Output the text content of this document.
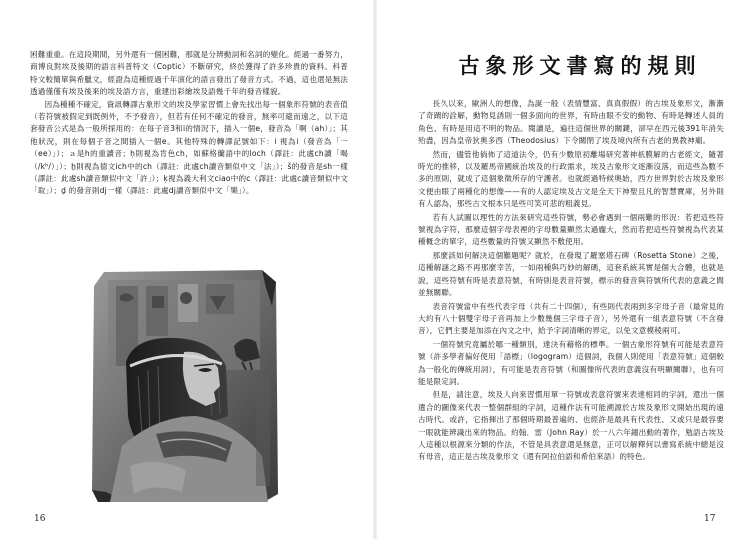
困難重重。在這段期間，另外還有一個困難，那就是分辨動詞和名詞的變化。經過一番努力，商博良對埃及後期的語言科普特文（Coptic）不斷研究，終於獲得了許多珍貴的資料。科普特文較簡單與希臘文，經證為這種經過千年演化的語言發出了發音方式。不過，這也還是無法透過僅僅有埃及後來的埃及語方言，重建出彩繪埃及語幾千年的發音樣貌。

因為種種不確定，資訊轉譯古象形文的埃及學家習慣上會先找出每一個象形符號的表音值（若符號被假定到既例外，不予發音），但若有任何不確定的發音，無率可避而遠之，以下這套發音公式是為一般所採用的：在每子音3和i的情況下，插入一個e，發音為「啊（ah）」；其他狀況，則在每個子音之間插入一個e。其他特殊的轉譯記號如下：i 視為i（發音為「一（ee）」）；ａ是h的重讀音；ḥ則視為肯色ch，如蘇格蘭語中的loch（譯註：此處ch讀「喝（/kʰ/）」）；ẖ則視為德文ich中的ch（譯註：此處ch讀音類似中文「法」）；š的發音是sh一樣（譯註：此處sh讀音類似中文「許」）；ḳ視為義大利文ciao中的c（譯註：此處c讀音類似中文「取」）；ḏ 的發音則dj一樣（譯註：此處dj讀音類似中文「樂」）。

16
古象形文書寫的規則

長久以來，歐洲人的想像，為誕一般（表情豐富、真真假假）的古埃及象形文，漸漸了奇蹟的詮解，動物見誘則一個多面向的世界，有時由眼不安的動物、有時是轉述人員的角色、有時是用這不明的物品。閱讀是，遍往這個世界的關鍵，卻早在西元後391年消失殆盡，因為皇帝狄奧多西（Theodosius）下令關閉了埃及境內所有古老的異教神廟。

然而，儘管他倘佈了這道法令，仍有少數原初離場研究著神祇膜解的古老經文，隨著時光的推移，以及羅馬帝國統治埃及的行政需求，埃及古象形文逐漸沒落，而這些為數不多的原則，就成了這個象徵所存的守護者。也就經過特候奧始，西方世界對於古埃及象形文便由眼了兩種化的想像——有的人認定埃及古文是全天下神聖且凡的智慧寶庫，另外則有人認為，那些古文根本只是些可笑可悲的粗義見。

若有人試圖以理性的方法來研究這些符號，勢必會遇到一個兩難的形況：若把這些符號視為字符，那麼這個字母表裡的字母數量顯然太過龐大，然而若把這些符號視為代表某種概念的單字，這些數量的符號又顯然不敷使用。

那麼該如何解決這個難題呢？就於，在發現了羅塞塔石碑（Rosetta Stone）之後，這種解謎之路不再那麼幸苦，一如兩種與巧妙的解碼，這套系統其實是個大合體，也就是說，這些符號有時是表意符號，有時則是表音符號，標示的發音與符號所代表的意義之間並無關聯。

表音符號當中有些代表字母（共有二十四個），有些則代表兩到多字母子音（最常見的大約有八十個雙字母子音再加上少數幾個三字母子音），另外還有一組表意符號（不含發音），它們主要是加添在內文之中，給予字詞清晰的界定，以免文意模稜兩可。

一個符號究竟屬於哪一種類別，達決有藉格的標準。一個古象形符號有可能是表意符號（許多學者偏好使用「語標」（logogram）這個詞，我個人則使用「表意符號」這個較為一般化的傳統用詞），有可能是表音符號（和圖像所代表的意義沒有明顯關聯），也有可能是限定詞。

但是，請注意，埃及人向來習慣用單一符號或表意符號來表達相同的字詞，還出一個遺合的圖像來代表一整個群組的字詞，這種作法有可能溯源於古埃及象形文開始出現的遠古時代。或許，它指揮出了那個時期最普遍的、也經許是最具有代表性、又或只是最容要一眼就能辨識出來的物品。約翰．雷（John Ray）於一八六年鐘出動的著作，勉語古埃及人這種以根源來分類的作法，不管是具表意還是無意，正可以解釋何以書寫系統中總是沒有母音，這正是古埃及象形文（還有阿拉伯語和希伯來語）的特色。

17
